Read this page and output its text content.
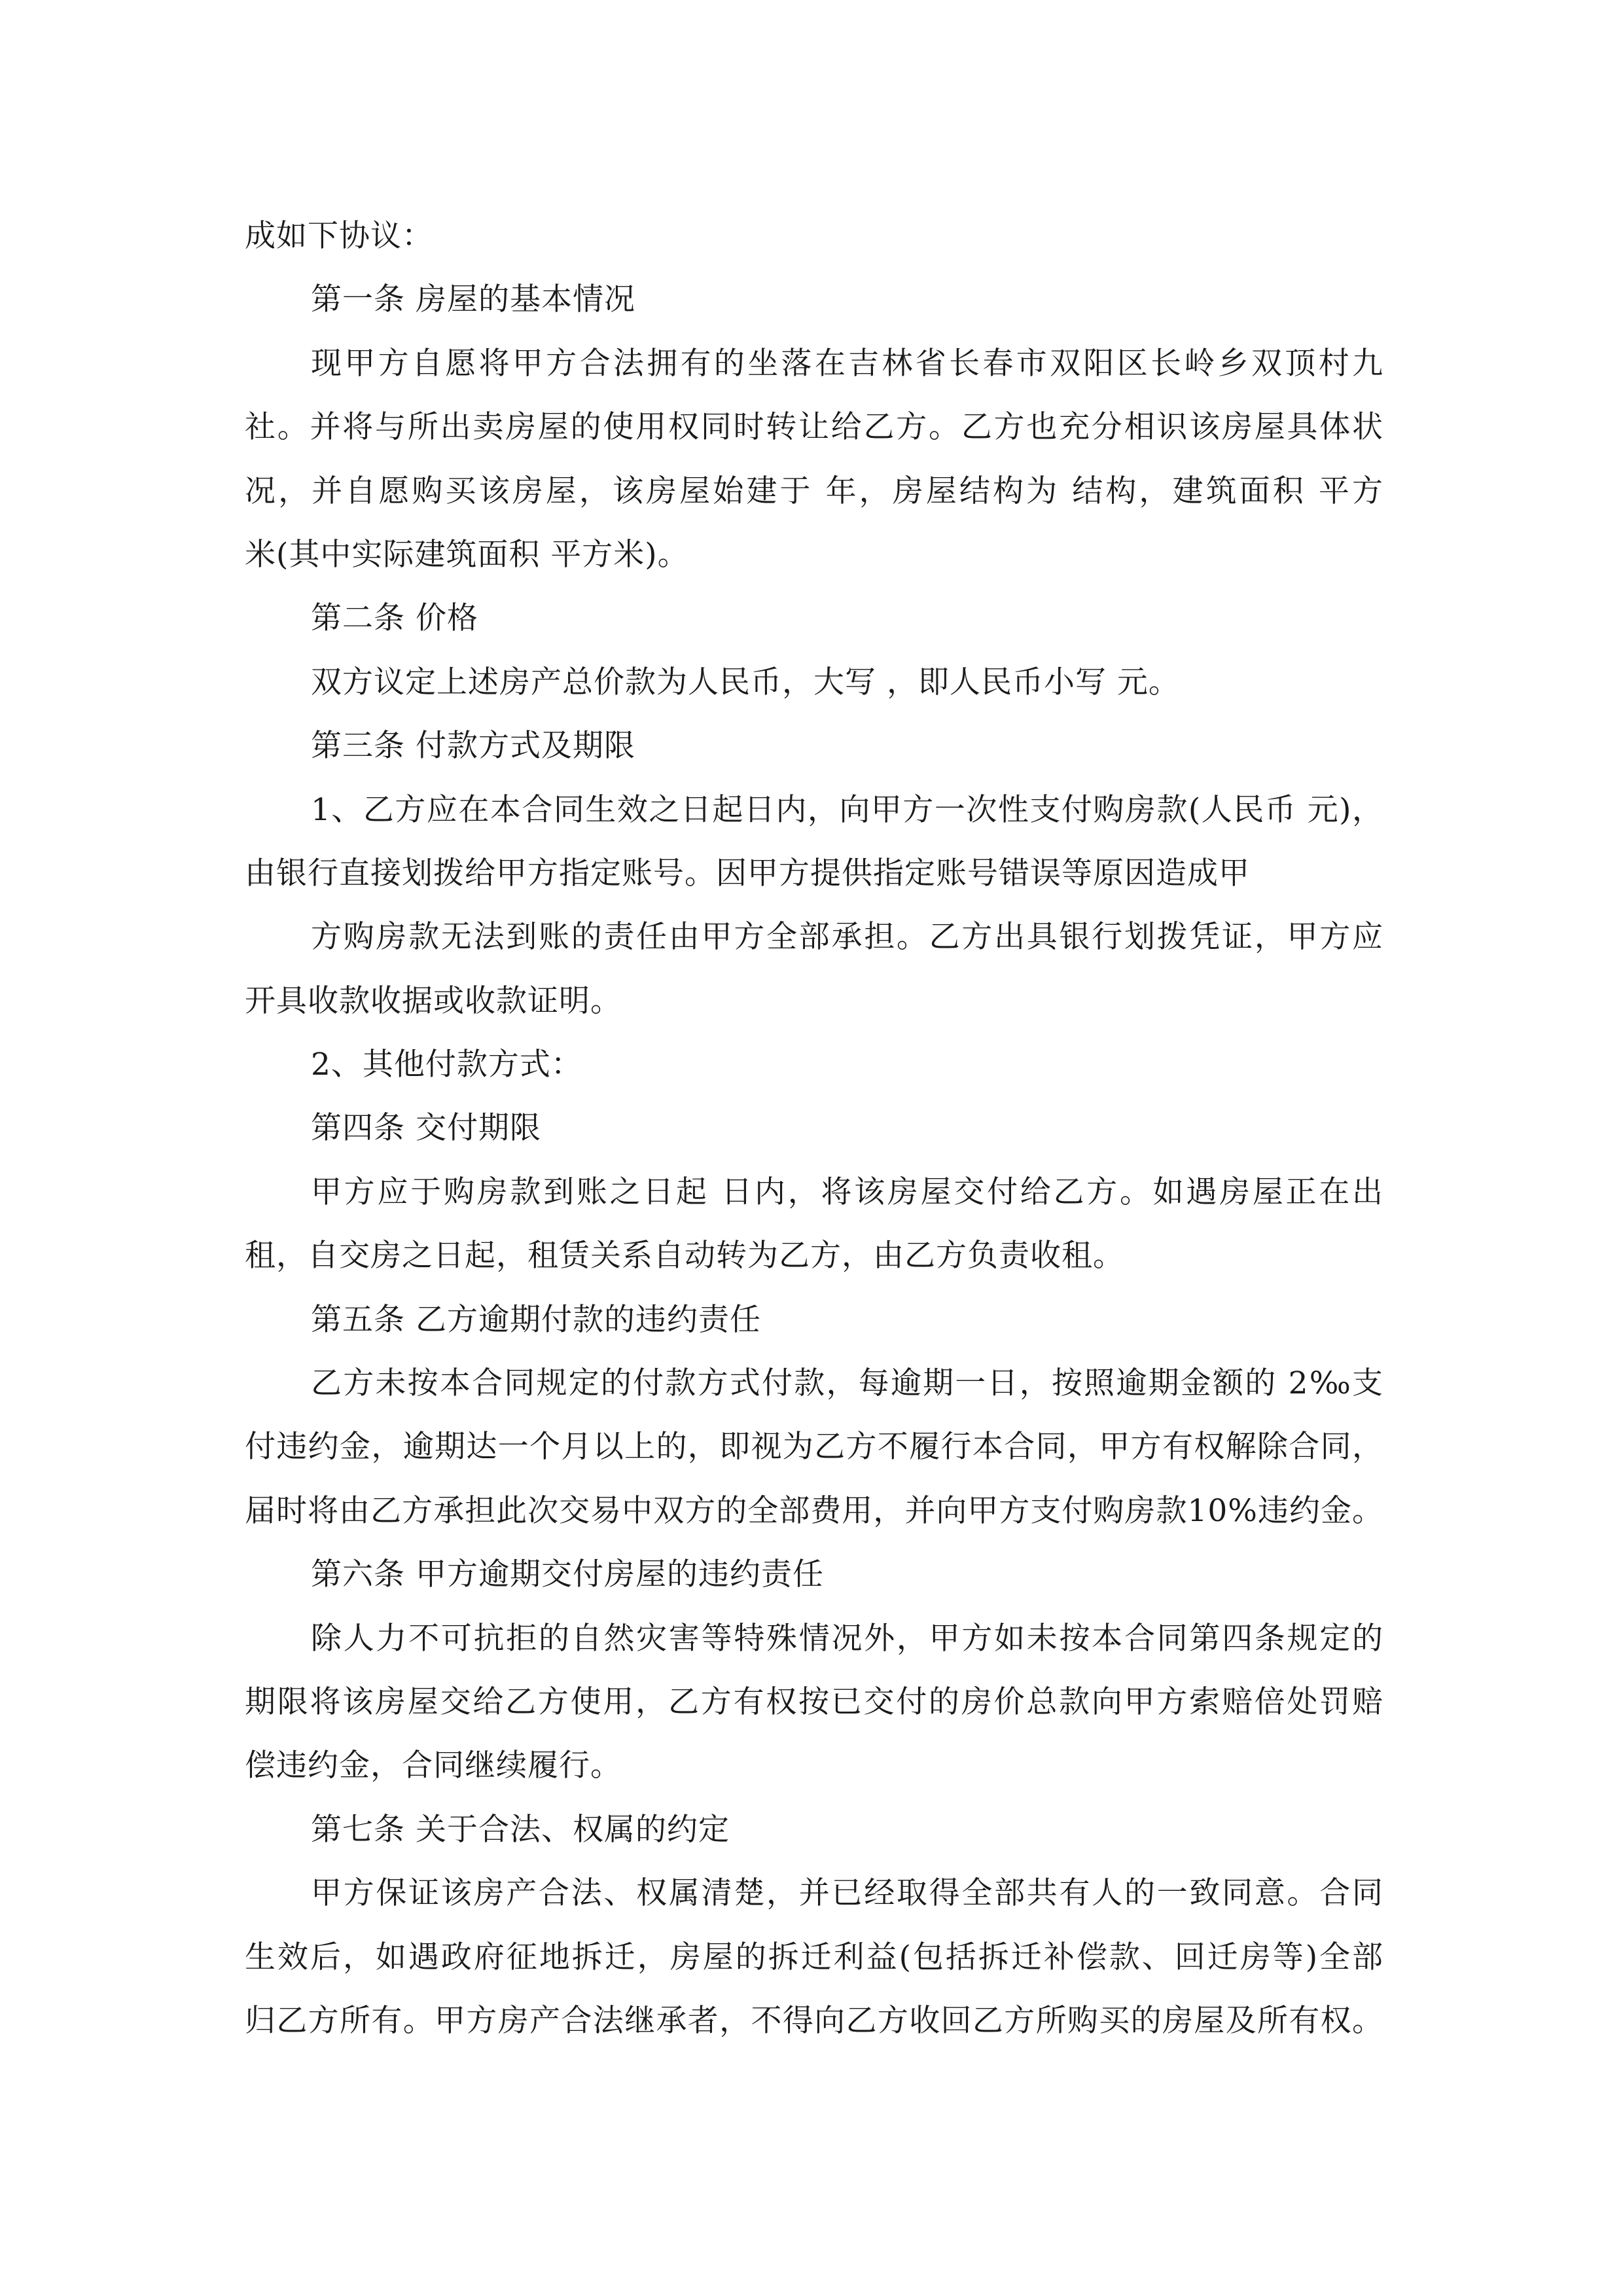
成如下协议：

第一条 房屋的基本情况

现甲方自愿将甲方合法拥有的坐落在吉林省长春市双阳区长岭乡双顶村九

社。并将与所出卖房屋的使用权同时转让给乙方。乙方也充分相识该房屋具体状

况，并自愿购买该房屋，该房屋始建于 年，房屋结构为 结构，建筑面积 平方

米(其中实际建筑面积 平方米)。

第二条 价格

双方议定上述房产总价款为人民币，大写 ，即人民币小写 元。

第三条 付款方式及期限

1、乙方应在本合同生效之日起日内，向甲方一次性支付购房款(人民币 元)，

由银行直接划拨给甲方指定账号。因甲方提供指定账号错误等原因造成甲

方购房款无法到账的责任由甲方全部承担。乙方出具银行划拨凭证，甲方应

开具收款收据或收款证明。

2、其他付款方式：

第四条 交付期限

甲方应于购房款到账之日起 日内，将该房屋交付给乙方。如遇房屋正在出

租，自交房之日起，租赁关系自动转为乙方，由乙方负责收租。

第五条 乙方逾期付款的违约责任

乙方未按本合同规定的付款方式付款，每逾期一日，按照逾期金额的 2‰支

付违约金，逾期达一个月以上的，即视为乙方不履行本合同，甲方有权解除合同，

届时将由乙方承担此次交易中双方的全部费用，并向甲方支付购房款10%违约金。

第六条 甲方逾期交付房屋的违约责任

除人力不可抗拒的自然灾害等特殊情况外，甲方如未按本合同第四条规定的

期限将该房屋交给乙方使用，乙方有权按已交付的房价总款向甲方索赔倍处罚赔

偿违约金，合同继续履行。

第七条 关于合法、权属的约定

甲方保证该房产合法、权属清楚，并已经取得全部共有人的一致同意。合同

生效后，如遇政府征地拆迁，房屋的拆迁利益(包括拆迁补偿款、回迁房等)全部

归乙方所有。甲方房产合法继承者，不得向乙方收回乙方所购买的房屋及所有权。
